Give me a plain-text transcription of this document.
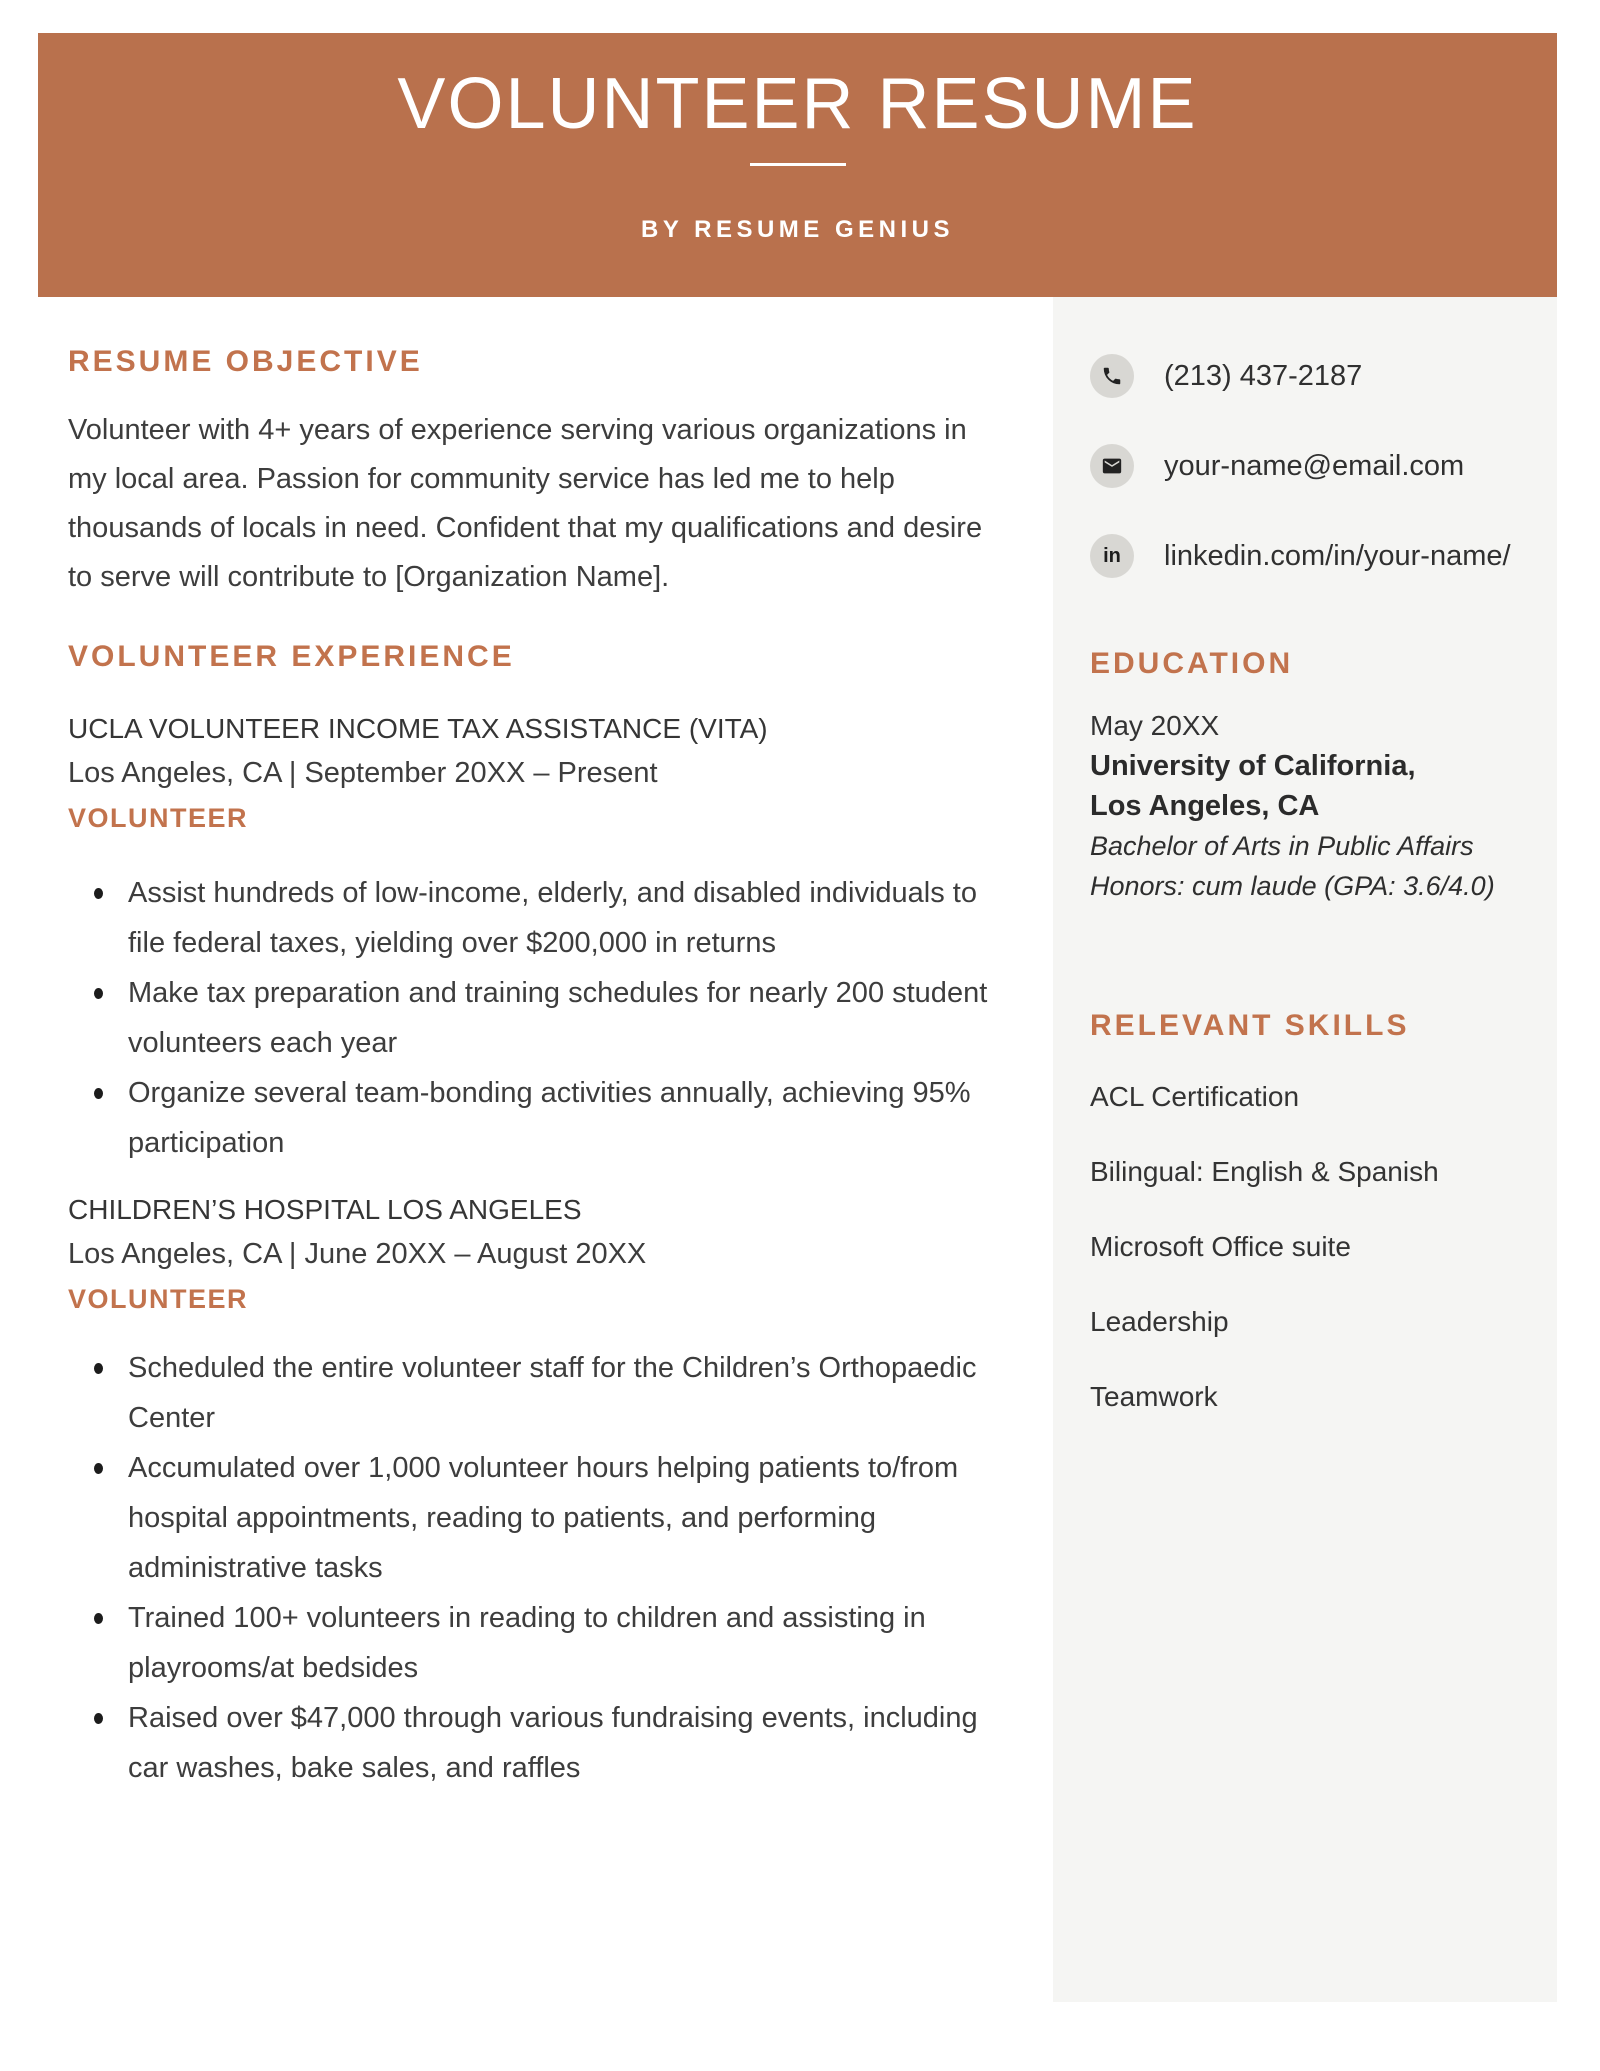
VOLUNTEER RESUME
BY RESUME GENIUS
(213) 437-2187
your-name@email.com
in linkedin.com/in/your-name/
EDUCATION

May 20XX

University of California,

Los Angeles, CA

Bachelor of Arts in Public Affairs

Honors: cum laude (GPA: 3.6/4.0)

RELEVANT SKILLS

ACL Certification

Bilingual: English & Spanish

Microsoft Office suite

Leadership

Teamwork

RESUME OBJECTIVE

Volunteer with 4+ years of experience serving various organizations in my local area. Passion for community service has led me to help thousands of locals in need. Confident that my qualifications and desire to serve will contribute to [Organization Name].

VOLUNTEER EXPERIENCE

UCLA VOLUNTEER INCOME TAX ASSISTANCE (VITA)

Los Angeles, CA | September 20XX – Present

VOLUNTEER

Assist hundreds of low-income, elderly, and disabled individuals to file federal taxes, yielding over $200,000 in returns
Make tax preparation and training schedules for nearly 200 student volunteers each year
Organize several team-bonding activities annually, achieving 95% participation

CHILDREN’S HOSPITAL LOS ANGELES

Los Angeles, CA | June 20XX – August 20XX

VOLUNTEER

Scheduled the entire volunteer staff for the Children’s Orthopaedic Center
Accumulated over 1,000 volunteer hours helping patients to/from hospital appointments, reading to patients, and performing administrative tasks
Trained 100+ volunteers in reading to children and assisting in playrooms/at bedsides
Raised over $47,000 through various fundraising events, including car washes, bake sales, and raffles
